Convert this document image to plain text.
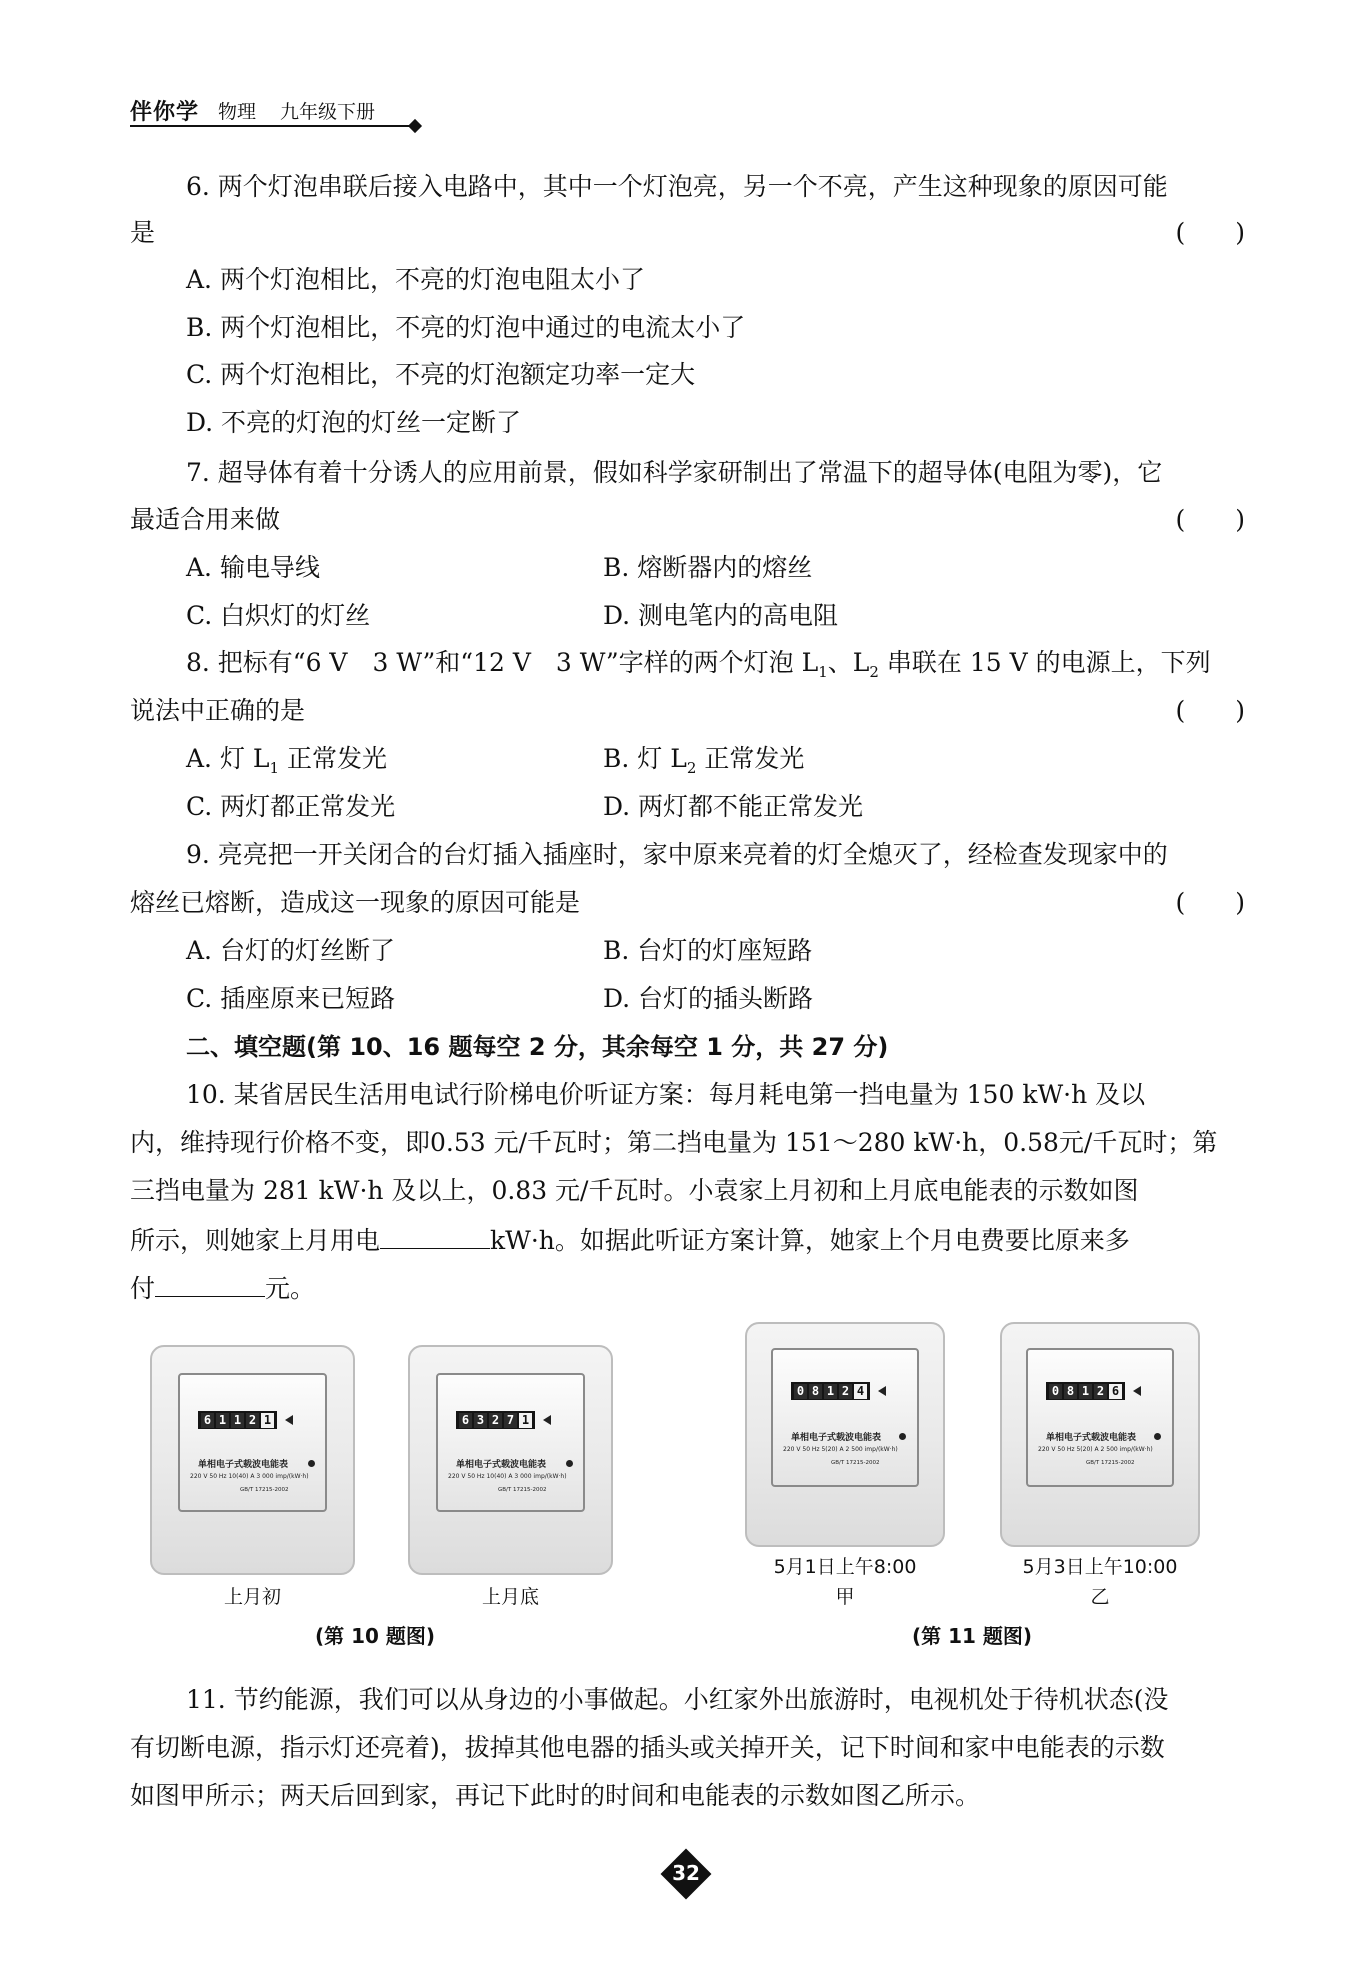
伴你学 物理 九年级下册
6. 两个灯泡串联后接入电路中，其中一个灯泡亮，另一个不亮，产生这种现象的原因可能
是	(　　)
A. 两个灯泡相比，不亮的灯泡电阻太小了
B. 两个灯泡相比，不亮的灯泡中通过的电流太小了
C. 两个灯泡相比，不亮的灯泡额定功率一定大
D. 不亮的灯泡的灯丝一定断了
7. 超导体有着十分诱人的应用前景，假如科学家研制出了常温下的超导体(电阻为零)，它
最适合用来做	(　　)
A. 输电导线	B. 熔断器内的熔丝
C. 白炽灯的灯丝	D. 测电笔内的高电阻
8. 把标有“6 V　3 W”和“12 V　3 W”字样的两个灯泡 $L_1$、$L_2$ 串联在 15 V 的电源上，下列
说法中正确的是	(　　)
A. 灯 $L_1$ 正常发光	B. 灯 $L_2$ 正常发光
C. 两灯都正常发光	D. 两灯都不能正常发光
9. 亮亮把一开关闭合的台灯插入插座时，家中原来亮着的灯全熄灭了，经检查发现家中的
熔丝已熔断，造成这一现象的原因可能是	(　　)
A. 台灯的灯丝断了	B. 台灯的灯座短路
C. 插座原来已短路	D. 台灯的插头断路
二、填空题(第 10、16 题每空 2 分，其余每空 1 分，共 27 分)
10. 某省居民生活用电试行阶梯电价听证方案：每月耗电第一挡电量为 150 kW·h 及以
内，维持现行价格不变，即0.53 元/千瓦时；第二挡电量为 151～280 kW·h，0.58元/千瓦时；第
三挡电量为 281 kW·h 及以上，0.83 元/千瓦时。小袁家上月初和上月底电能表的示数如图
所示，则她家上月用电	kW·h。如据此听证方案计算，她家上个月电费要比原来多
付	元。
6 1 1 2 1
单相电子式载波电能表
220 V 50 Hz 10(40) A 3 000 imp/(kW·h)
GB/T 17215-2002
上月初
6 3 2 7 1
单相电子式载波电能表
220 V 50 Hz 10(40) A 3 000 imp/(kW·h)
GB/T 17215-2002
上月底
(第 10 题图)
0 8 1 2 4
单相电子式载波电能表
220 V 50 Hz 5(20) A 2 500 imp/(kW·h)
GB/T 17215-2002
5月1日上午8:00
甲
0 8 1 2 6
单相电子式载波电能表
220 V 50 Hz 5(20) A 2 500 imp/(kW·h)
GB/T 17215-2002
5月3日上午10:00
乙
(第 11 题图)
11. 节约能源，我们可以从身边的小事做起。小红家外出旅游时，电视机处于待机状态(没
有切断电源，指示灯还亮着)，拔掉其他电器的插头或关掉开关，记下时间和家中电能表的示数
如图甲所示；两天后回到家，再记下此时的时间和电能表的示数如图乙所示。
32
